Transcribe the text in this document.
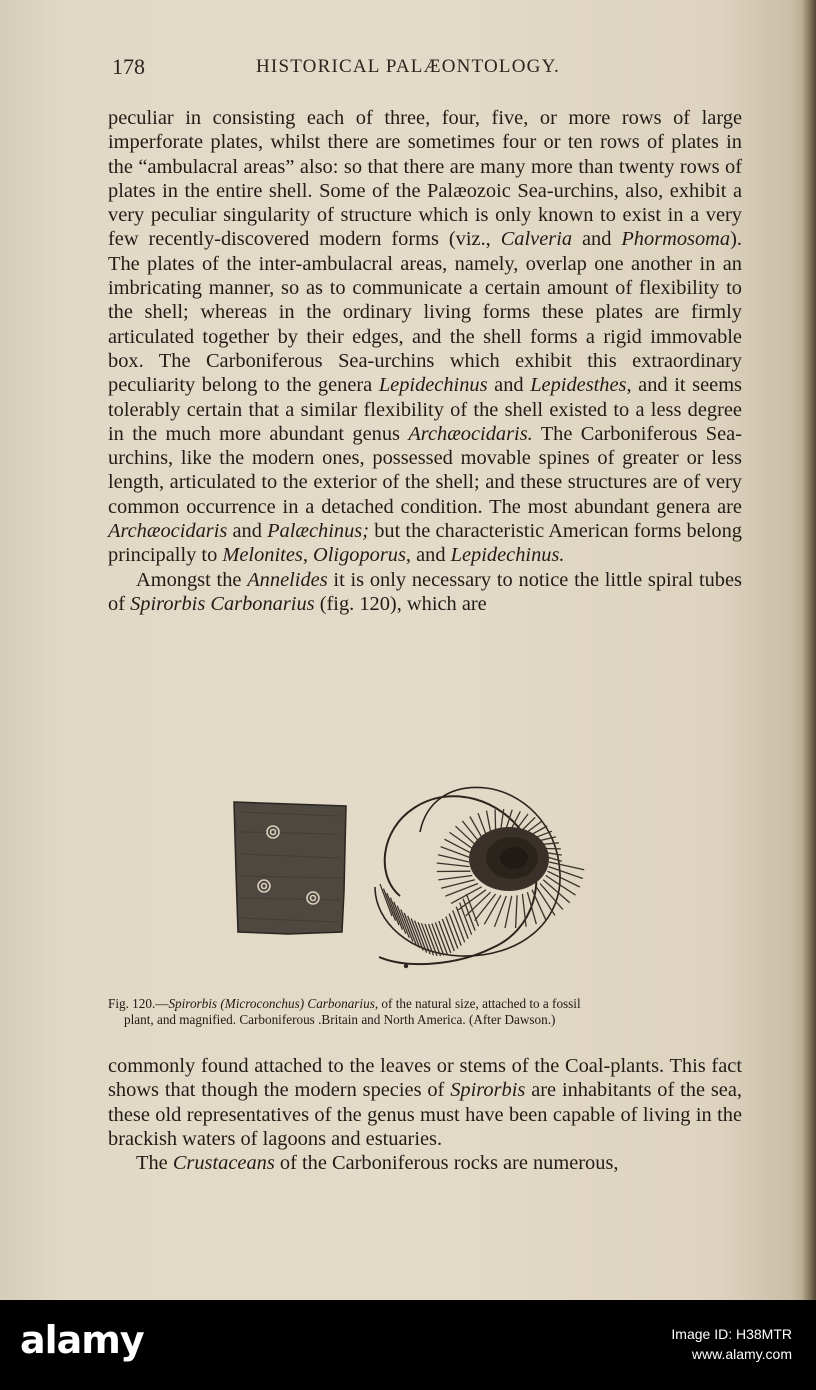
178	HISTORICAL PALÆONTOLOGY.

peculiar in consisting each of three, four, five, or more rows of large imperforate plates, whilst there are sometimes four or ten rows of plates in the “ambulacral areas” also: so that there are many more than twenty rows of plates in the entire shell. Some of the Palæozoic Sea-urchins, also, exhibit a very peculiar singularity of structure which is only known to exist in a very few recently-discovered modern forms (viz., Calveria and Phormosoma). The plates of the inter-ambulacral areas, namely, overlap one another in an imbricating manner, so as to communicate a certain amount of flexibility to the shell; whereas in the ordinary living forms these plates are firmly articulated together by their edges, and the shell forms a rigid immovable box. The Carboniferous Sea-urchins which exhibit this extraordinary peculiarity belong to the genera Lepidechinus and Lepidesthes, and it seems tolerably certain that a similar flexibility of the shell existed to a less degree in the much more abundant genus Archæocidaris. The Carboniferous Sea-urchins, like the modern ones, possessed movable spines of greater or less length, articulated to the exterior of the shell; and these structures are of very common occurrence in a detached condition. The most abundant genera are Archæocidaris and Palæchinus; but the characteristic American forms belong principally to Melonites, Oligoporus, and Lepidechinus.

Amongst the Annelides it is only necessary to notice the little spiral tubes of Spirorbis Carbonarius (fig. 120), which are

Fig. 120.—Spirorbis (Microconchus) Carbonarius, of the natural size, attached to a fossil
plant, and magnified. Carboniferous .Britain and North America. (After Dawson.)

commonly found attached to the leaves or stems of the Coal-plants. This fact shows that though the modern species of Spirorbis are inhabitants of the sea, these old representatives of the genus must have been capable of living in the brackish waters of lagoons and estuaries.

The Crustaceans of the Carboniferous rocks are numerous,

alamy	Image ID: H38MTR
www.alamy.com
